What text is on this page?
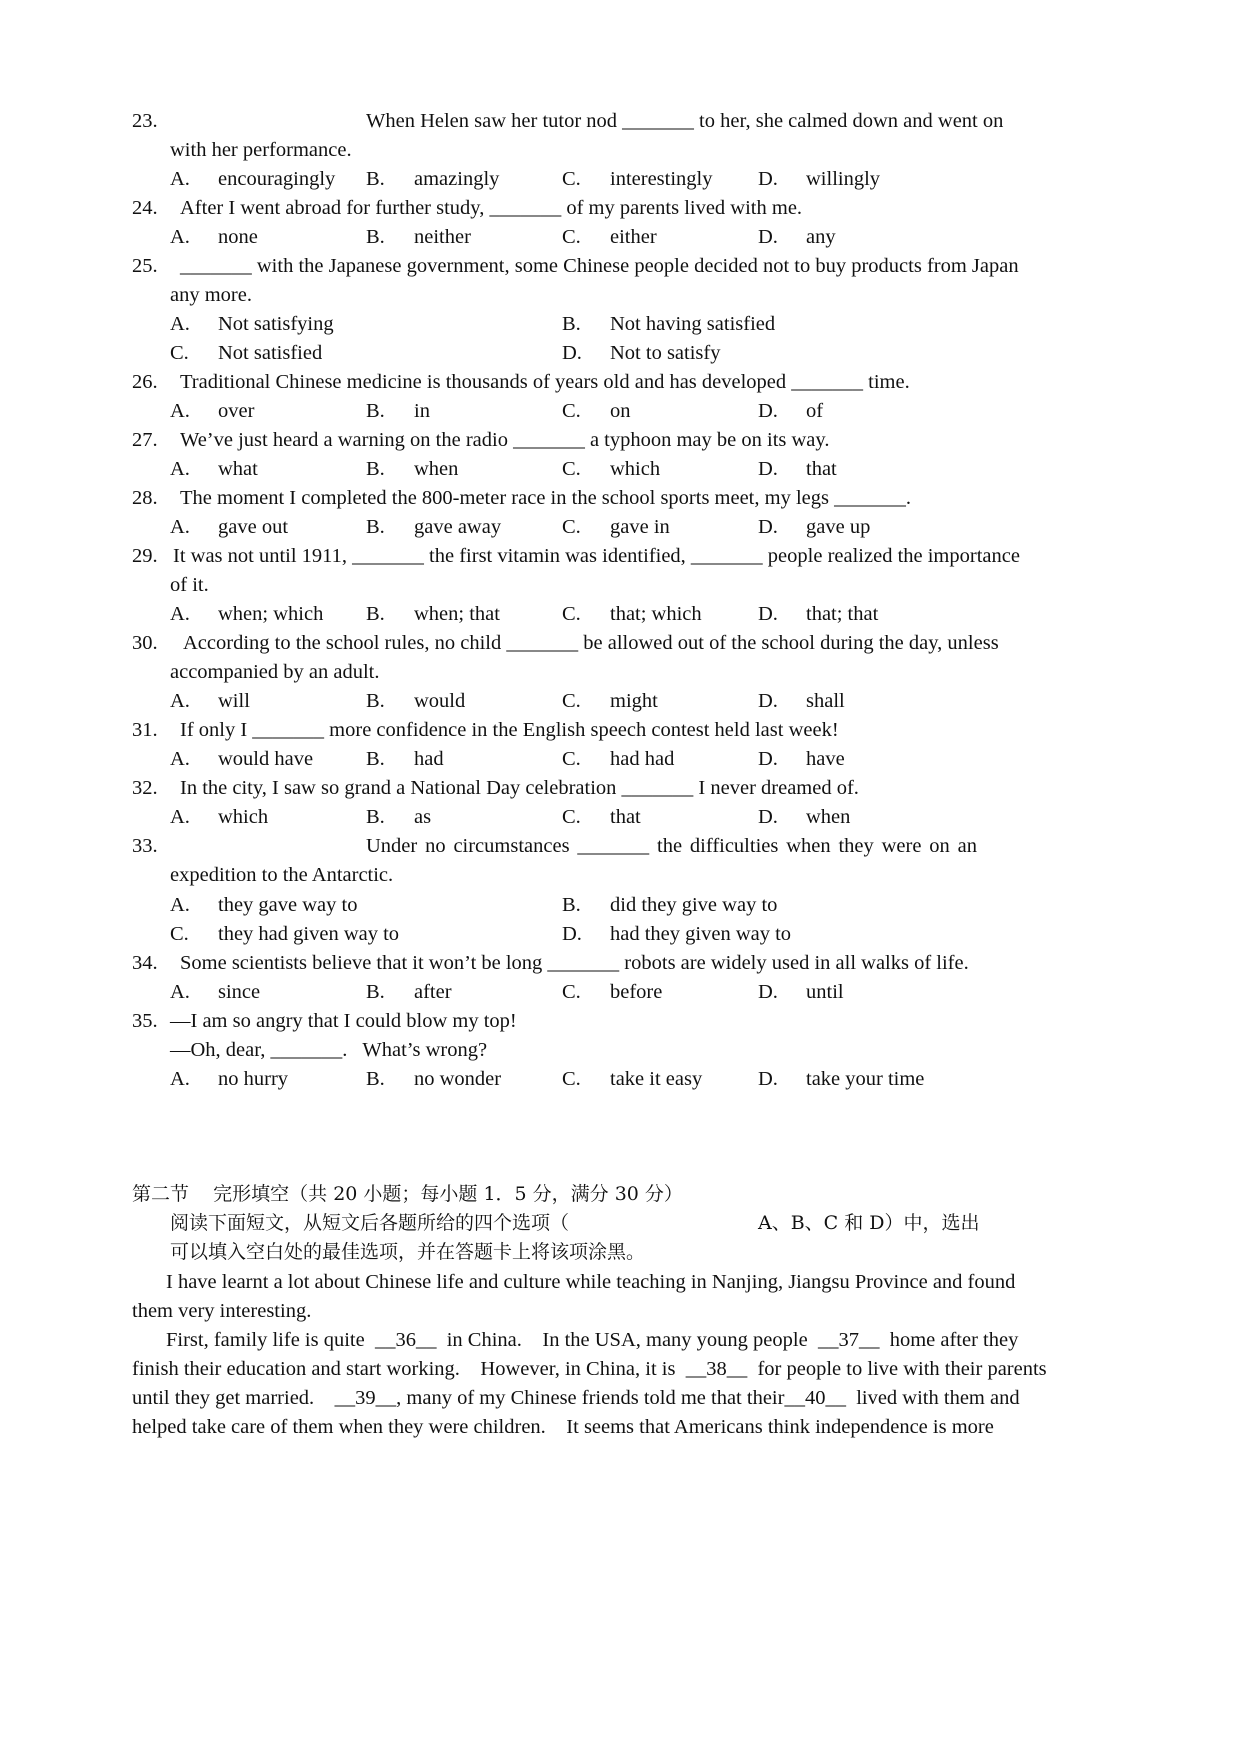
23.	When Helen saw her tutor nod _______ to her, she calmed down and went on
with her performance.
A. encouragingly B. amazingly	C. interestingly D. willingly
24. After I went abroad for further study, _______ of my parents lived with me.
A. none	B. neither	C. either	D. any
25. _______ with the Japanese government, some Chinese people decided not to buy products from Japan
any more.
A. Not satisfying	B. Not having satisfied
C. Not satisfied	D. Not to satisfy
26. Traditional Chinese medicine is thousands of years old and has developed _______ time.
A. over	B. in	C. on	D. of
27. We’ve just heard a warning on the radio _______ a typhoon may be on its way.
A. what	B. when	C. which	D. that
28. The moment I completed the 800-meter race in the school sports meet, my legs _______.
A. gave out	B. gave away	C. gave in	D. gave up
29. It was not until 1911, _______ the first vitamin was identified, _______ people realized the importance
of it.
A. when; which B. when; that	C. that; which	D. that; that
30. According to the school rules, no child _______ be allowed out of the school during the day, unless
accompanied by an adult.
A. will	B. would	C. might	D. shall
31. If only I _______ more confidence in the English speech contest held last week!
A. would have	B. had	C. had had	D. have
32. In the city, I saw so grand a National Day celebration _______ I never dreamed of.
A. which	B. as	C. that	D. when
33.	Under no circumstances _______ the difficulties when they were on an
expedition to the Antarctic.
A. they gave way to	B. did they give way to
C. they had given way to	D. had they given way to
34. Some scientists believe that it won’t be long _______ robots are widely used in all walks of life.
A. since	B. after	C. before	D. until
35. —I am so angry that I could blow my top!
—Oh, dear, _______.   What’s wrong?
A. no hurry	B. no wonder	C. take it easy	D. take your time
第二节    完形填空（共 20 小题；每小题 1．5 分，满分 30 分）
阅读下面短文，从短文后各题所给的四个选项（	A、B、C 和 D）中，选出
可以填入空白处的最佳选项，并在答题卡上将该项涂黑。
I have learnt a lot about Chinese life and culture while teaching in Nanjing, Jiangsu Province and found
them very interesting.
First, family life is quite  __36__  in China.    In the USA, many young people  __37__  home after they
finish their education and start working.    However, in China, it is  __38__  for people to live with their parents
until they get married.    __39__, many of my Chinese friends told me that their__40__  lived with them and
helped take care of them when they were children.    It seems that Americans think independence is more
